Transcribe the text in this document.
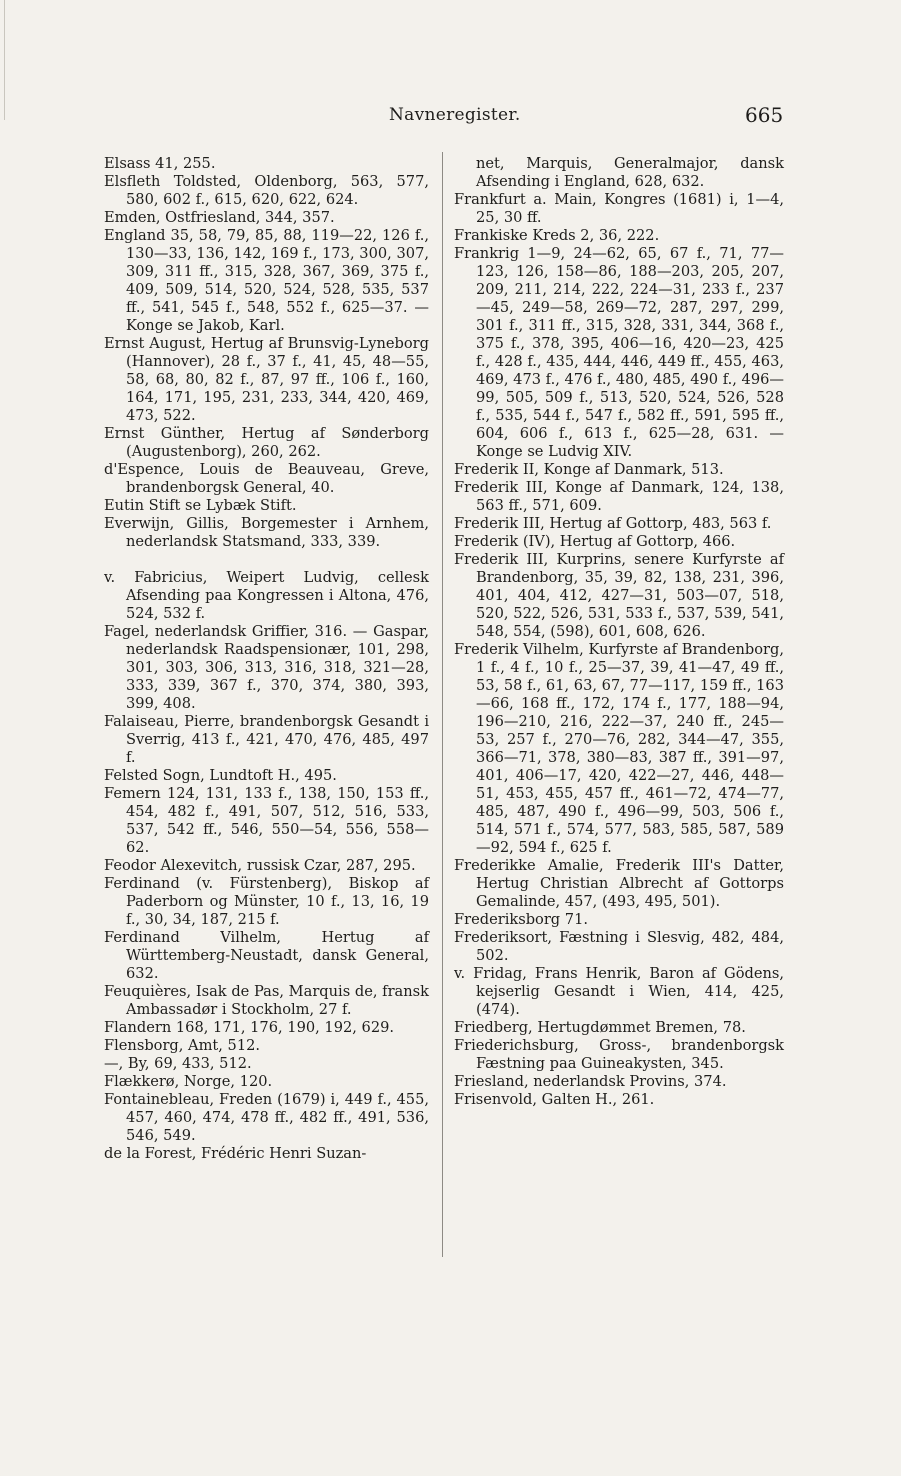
Navneregister.	665

Elsass 41, 255.

Elsfleth Toldsted, Oldenborg, 563, 577, 580, 602 f., 615, 620, 622, 624.

Emden, Ostfriesland, 344, 357.

England 35, 58, 79, 85, 88, 119—22, 126 f., 130—33, 136, 142, 169 f., 173, 300, 307, 309, 311 ff., 315, 328, 367, 369, 375 f., 409, 509, 514, 520, 524, 528, 535, 537 ff., 541, 545 f., 548, 552 f., 625—37. — Konge se Jakob, Karl.

Ernst August, Hertug af Brunsvig-Lyneborg (Hannover), 28 f., 37 f., 41, 45, 48—55, 58, 68, 80, 82 f., 87, 97 ff., 106 f., 160, 164, 171, 195, 231, 233, 344, 420, 469, 473, 522.

Ernst Günther, Hertug af Sønderborg (Augustenborg), 260, 262.

d'Espence, Louis de Beauveau, Greve, brandenborgsk General, 40.

Eutin Stift se Lybæk Stift.

Everwijn, Gillis, Borgemester i Arnhem, nederlandsk Statsmand, 333, 339.

v. Fabricius, Weipert Ludvig, cellesk Afsending paa Kongressen i Altona, 476, 524, 532 f.

Fagel, nederlandsk Griffier, 316. — Gaspar, nederlandsk Raadspensionær, 101, 298, 301, 303, 306, 313, 316, 318, 321—28, 333, 339, 367 f., 370, 374, 380, 393, 399, 408.

Falaiseau, Pierre, brandenborgsk Gesandt i Sverrig, 413 f., 421, 470, 476, 485, 497 f.

Felsted Sogn, Lundtoft H., 495.

Femern 124, 131, 133 f., 138, 150, 153 ff., 454, 482 f., 491, 507, 512, 516, 533, 537, 542 ff., 546, 550—54, 556, 558—62.

Feodor Alexevitch, russisk Czar, 287, 295.

Ferdinand (v. Fürstenberg), Biskop af Paderborn og Münster, 10 f., 13, 16, 19 f., 30, 34, 187, 215 f.

Ferdinand Vilhelm, Hertug af Württemberg-Neustadt, dansk General, 632.

Feuquières, Isak de Pas, Marquis de, fransk Ambassadør i Stockholm, 27 f.

Flandern 168, 171, 176, 190, 192, 629.

Flensborg, Amt, 512.

—, By, 69, 433, 512.

Flækkerø, Norge, 120.

Fontainebleau, Freden (1679) i, 449 f., 455, 457, 460, 474, 478 ff., 482 ff., 491, 536, 546, 549.

de la Forest, Frédéric Henri Suzan-

net, Marquis, Generalmajor, dansk Afsending i England, 628, 632.

Frankfurt a. Main, Kongres (1681) i, 1—4, 25, 30 ff.

Frankiske Kreds 2, 36, 222.

Frankrig 1—9, 24—62, 65, 67 f., 71, 77—123, 126, 158—86, 188—203, 205, 207, 209, 211, 214, 222, 224—31, 233 f., 237—45, 249—58, 269—72, 287, 297, 299, 301 f., 311 ff., 315, 328, 331, 344, 368 f., 375 f., 378, 395, 406—16, 420—23, 425 f., 428 f., 435, 444, 446, 449 ff., 455, 463, 469, 473 f., 476 f., 480, 485, 490 f., 496—99, 505, 509 f., 513, 520, 524, 526, 528 f., 535, 544 f., 547 f., 582 ff., 591, 595 ff., 604, 606 f., 613 f., 625—28, 631. — Konge se Ludvig XIV.

Frederik II, Konge af Danmark, 513.

Frederik III, Konge af Danmark, 124, 138, 563 ff., 571, 609.

Frederik III, Hertug af Gottorp, 483, 563 f.

Frederik (IV), Hertug af Gottorp, 466.

Frederik III, Kurprins, senere Kurfyrste af Brandenborg, 35, 39, 82, 138, 231, 396, 401, 404, 412, 427—31, 503—07, 518, 520, 522, 526, 531, 533 f., 537, 539, 541, 548, 554, (598), 601, 608, 626.

Frederik Vilhelm, Kurfyrste af Brandenborg, 1 f., 4 f., 10 f., 25—37, 39, 41—47, 49 ff., 53, 58 f., 61, 63, 67, 77—117, 159 ff., 163—66, 168 ff., 172, 174 f., 177, 188—94, 196—210, 216, 222—37, 240 ff., 245—53, 257 f., 270—76, 282, 344—47, 355, 366—71, 378, 380—83, 387 ff., 391—97, 401, 406—17, 420, 422—27, 446, 448—51, 453, 455, 457 ff., 461—72, 474—77, 485, 487, 490 f., 496—99, 503, 506 f., 514, 571 f., 574, 577, 583, 585, 587, 589—92, 594 f., 625 f.

Frederikke Amalie, Frederik III's Datter, Hertug Christian Albrecht af Gottorps Gemalinde, 457, (493, 495, 501).

Frederiksborg 71.

Frederiksort, Fæstning i Slesvig, 482, 484, 502.

v. Fridag, Frans Henrik, Baron af Gödens, kejserlig Gesandt i Wien, 414, 425, (474).

Friedberg, Hertugdømmet Bremen, 78.

Friederichsburg, Gross-, brandenborgsk Fæstning paa Guineakysten, 345.

Friesland, nederlandsk Provins, 374.

Frisenvold, Galten H., 261.
